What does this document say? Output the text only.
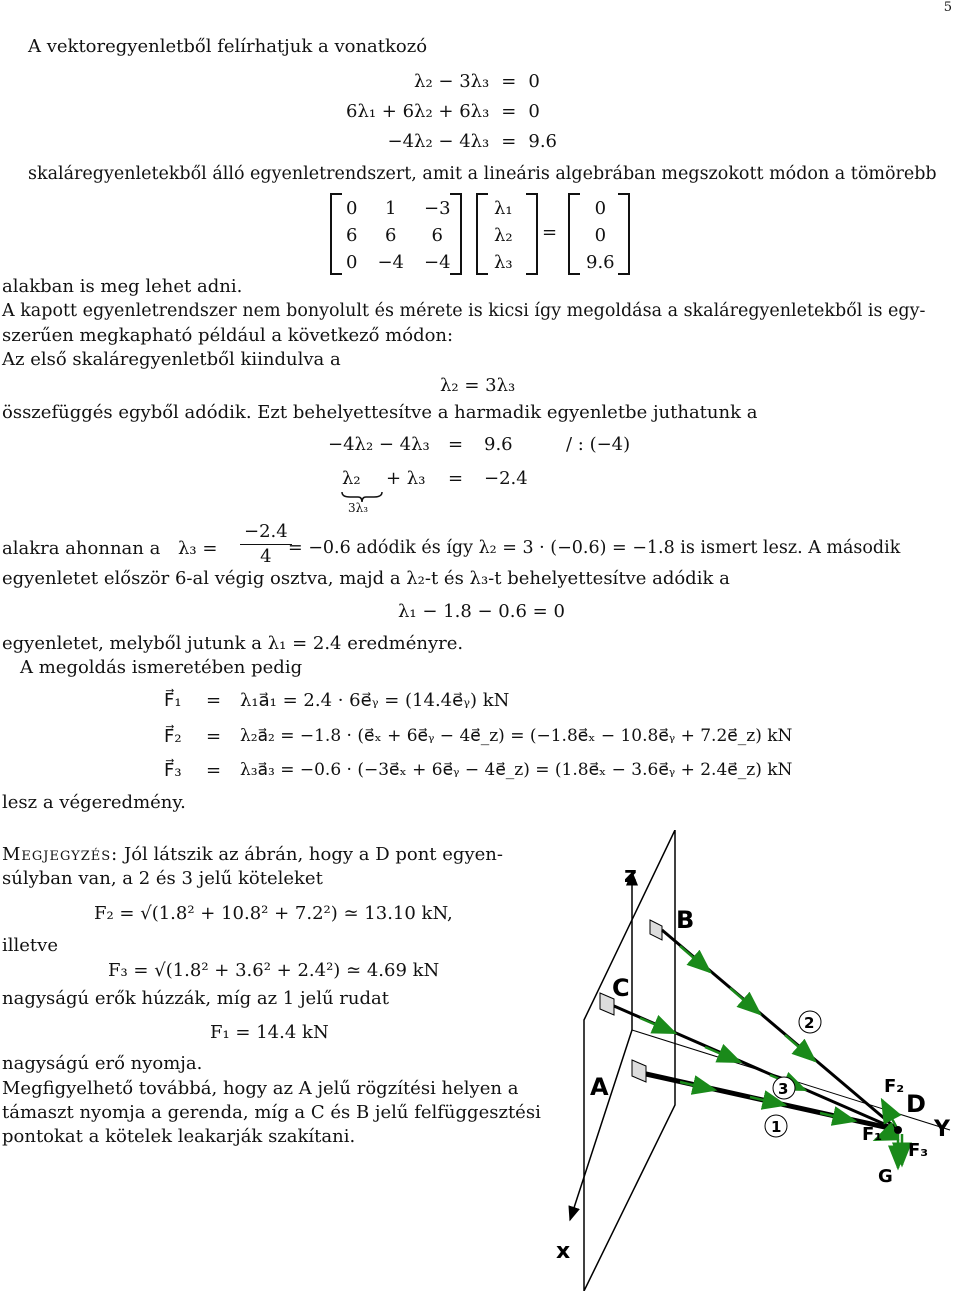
5
A vektoregyenletből felírhatjuk a vonatkozó
λ₂ − 3λ₃	=	0
6λ₁ + 6λ₂ + 6λ₃	=	0
−4λ₂ − 4λ₃	=	9.6
skaláregyenletekből álló egyenletrendszert, amit a lineáris algebrában megszokott módon a tömörebb
0	1	−3
6	6	6
0	−4	−4
λ₁
λ₂
λ₃
=
0
0
9.6
alakban is meg lehet adni.
A kapott egyenletrendszer nem bonyolult és mérete is kicsi így megoldása a skaláregyenletekből is egy-
szerűen megkapható például a következő módon:
Az első skaláregyenletből kiindulva a
λ₂ = 3λ₃
összefüggés egyből adódik. Ezt behelyettesítve a harmadik egyenletbe juthatunk a
−4λ₂ − 4λ₃ = 9.6	/ : (−4)
λ₂ + λ₃ = −2.4
3λ₃
alakra ahonnan a $\lambda_3 = \frac{-2.4}{4}$
= −0.6 adódik és így λ₂ = 3 · (−0.6) = −1.8 is ismert lesz. A második
egyenletet először 6-al végig osztva, majd a λ₂-t és λ₃-t behelyettesítve adódik a
λ₁ − 1.8 − 0.6 = 0
egyenletet, melyből jutunk a λ₁ = 2.4 eredményre.
A megoldás ismeretében pedig
F⃗₁ = λ₁a⃗₁ = 2.4 · 6e⃗ᵧ = (14.4e⃗ᵧ) kN
F⃗₂ = λ₂a⃗₂ = −1.8 · (e⃗ₓ + 6e⃗ᵧ − 4e⃗_z) = (−1.8e⃗ₓ − 10.8e⃗ᵧ + 7.2e⃗_z) kN
F⃗₃ = λ₃a⃗₃ = −0.6 · (−3e⃗ₓ + 6e⃗ᵧ − 4e⃗_z) = (1.8e⃗ₓ − 3.6e⃗ᵧ + 2.4e⃗_z) kN
lesz a végeredmény.
Megjegyzés: Jól látszik az ábrán, hogy a D pont egyen-
súlyban van, a 2 és 3 jelű köteleket
F₂ = √(1.8² + 10.8² + 7.2²) ≃ 13.10 kN,
illetve
F₃ = √(1.8² + 3.6² + 2.4²) ≃ 4.69 kN
nagyságú erők húzzák, míg az 1 jelű rudat
F₁ = 14.4 kN
nagyságú erő nyomja.
Megfigyelhető továbbá, hogy az A jelű rögzítési helyen a
támaszt nyomja a gerenda, míg a C és B jelű felfüggesztési
pontokat a kötelek leakarják szakítani.
z
B
C
A
x
Y
D
F₂
F₁
F₃
G
2
3
1
